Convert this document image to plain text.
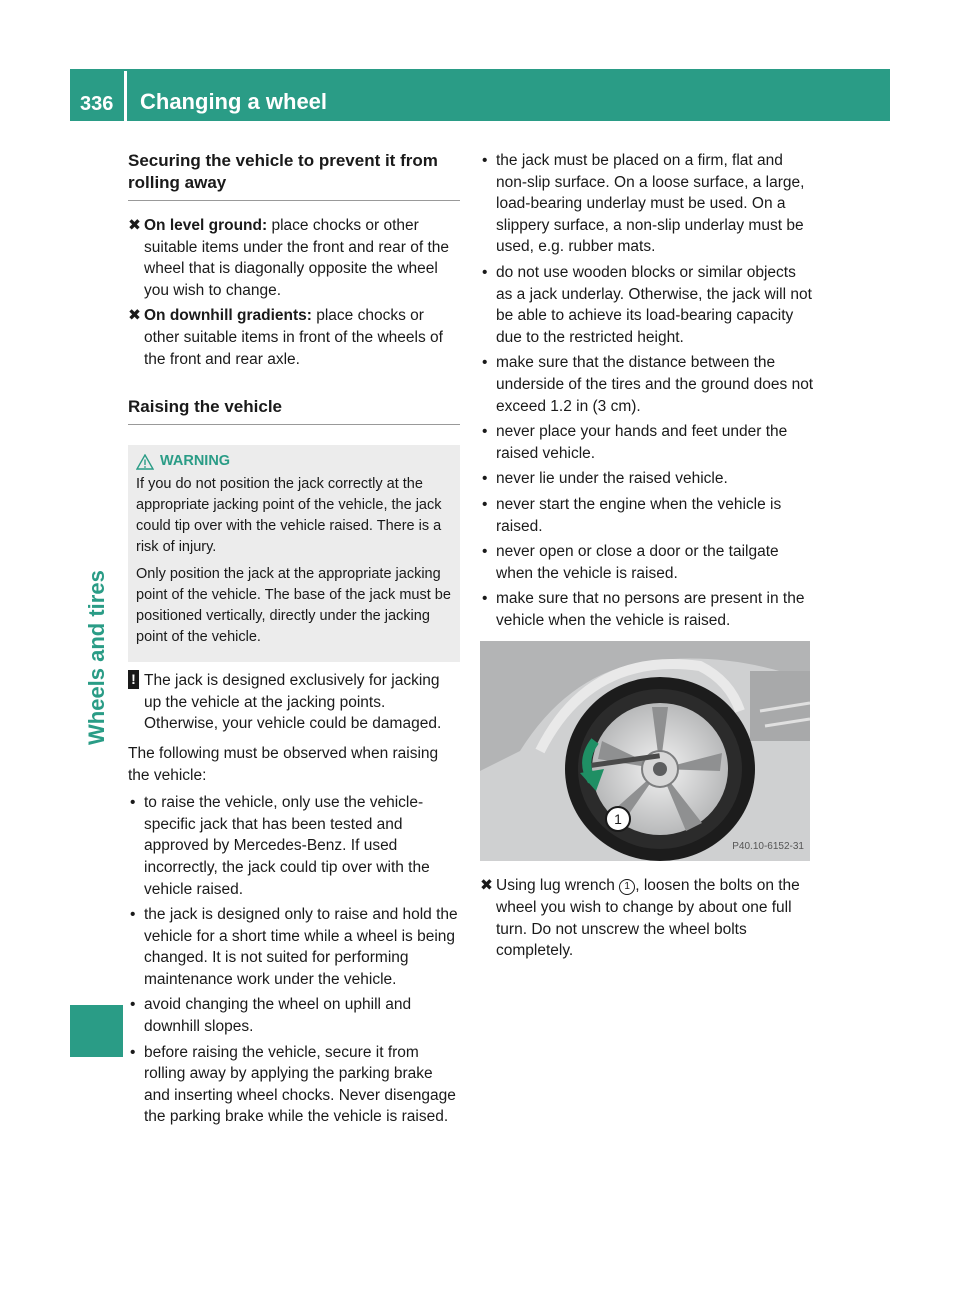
336 Changing a wheel
Wheels and tires
Securing the vehicle to prevent it from rolling away
✖ On level ground: place chocks or other suitable items under the front and rear of the wheel that is diagonally opposite the wheel you wish to change.
✖ On downhill gradients: place chocks or other suitable items in front of the wheels of the front and rear axle.
Raising the vehicle
WARNING

If you do not position the jack correctly at the appropriate jacking point of the vehicle, the jack could tip over with the vehicle raised. There is a risk of injury.

Only position the jack at the appropriate jacking point of the vehicle. The base of the jack must be positioned vertically, directly under the jacking point of the vehicle.

! The jack is designed exclusively for jacking up the vehicle at the jacking points. Otherwise, your vehicle could be damaged.

The following must be observed when raising the vehicle:

• to raise the vehicle, only use the vehicle-specific jack that has been tested and approved by Mercedes-Benz. If used incorrectly, the jack could tip over with the vehicle raised.
• the jack is designed only to raise and hold the vehicle for a short time while a wheel is being changed. It is not suited for performing maintenance work under the vehicle.
• avoid changing the wheel on uphill and downhill slopes.
• before raising the vehicle, secure it from rolling away by applying the parking brake and inserting wheel chocks. Never disengage the parking brake while the vehicle is raised.
• the jack must be placed on a firm, flat and non-slip surface. On a loose surface, a large, load-bearing underlay must be used. On a slippery surface, a non-slip underlay must be used, e.g. rubber mats.
• do not use wooden blocks or similar objects as a jack underlay. Otherwise, the jack will not be able to achieve its load-bearing capacity due to the restricted height.
• make sure that the distance between the underside of the tires and the ground does not exceed 1.2 in (3 cm).
• never place your hands and feet under the raised vehicle.
• never lie under the raised vehicle.
• never start the engine when the vehicle is raised.
• never open or close a door or the tailgate when the vehicle is raised.
• make sure that no persons are present in the vehicle when the vehicle is raised.
1
P40.10-6152-31
✖ Using lug wrench 1 , loosen the bolts on the wheel you wish to change by about one full turn. Do not unscrew the wheel bolts completely.
